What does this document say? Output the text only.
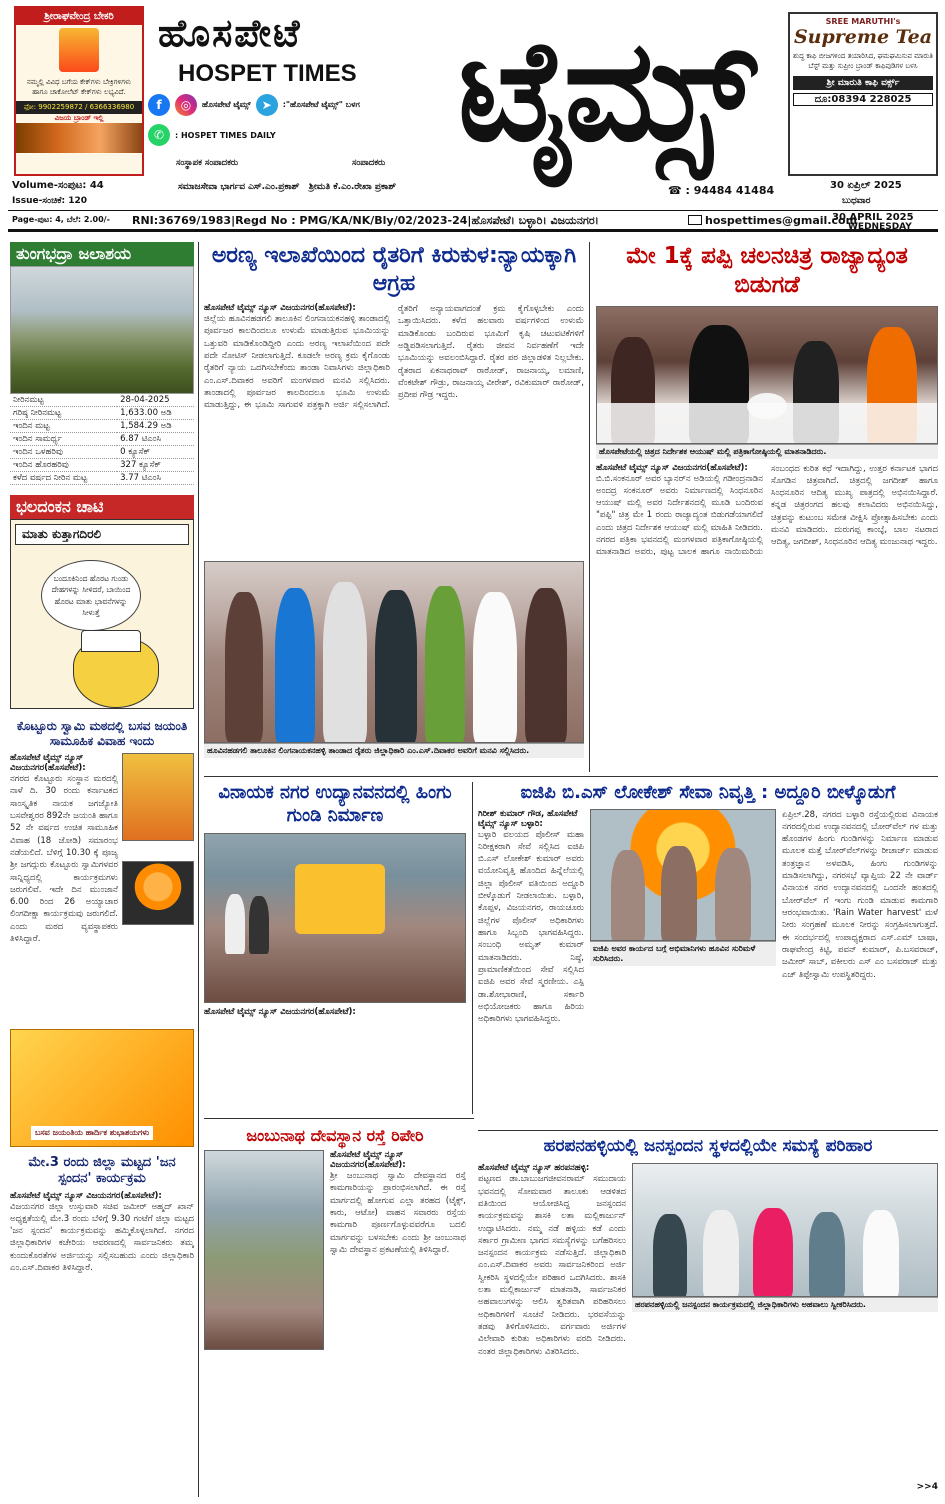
ಶ್ರೀರಾಘವೇಂದ್ರ ಬೇಕರಿ
ನಮ್ಮಲ್ಲಿ ವಿವಿಧ ಬಗೆಯ ಕೇಕ್‌ಗಳು ಬೇಕ್ರಿಗಳಿಗಳು ಹಾಗೂ ಚಾಕೋಲೆಟ್ ಕೇಕ್‌ಗಳು ಲಭ್ಯವಿದೆ.
ಫೋ: 9902259872 / 6366336980
ವಿಜಯ ಬ್ರಾಂಡ್ ಇಲ್ಲಿ
ಹೊಸಪೇಟೆ
HOSPET TIMES
f	◎	ಹೊಸಪೇಟೆ ಟೈಮ್ಸ್ ➤	:"ಹೊಸಪೇಟೆ ಟೈಮ್ಸ್" ಬಳಗ
✆	: HOSPET TIMES DAILY ಟೈಮ್ಸ್	SREE MARUTHI's
Supreme Tea
ಶುದ್ಧ ಕಾಫಿ ಬೀಜಗಳಿಂದ ತಯಾರಿಸಿದ, ಘಮಘಮಿಸುವ ಮಾರುತಿ ಬೆಸ್ಟ್ ಮತ್ತು ಸುಪ್ರೀಂ ಬ್ರಾಂಡ್ ಕಾಫಿಪುಡಿಗಳ ಬಳಸಿ
ಶ್ರೀ ಮಾರುತಿ ಕಾಫಿ ವರ್ಕ್ಸ್
ದೂ:08394 228025
ಸಂಸ್ಥಾಪಕ ಸಂಪಾದಕರು	ಸಂಪಾದಕರು
Volume-ಸಂಪುಟ: 44	ಸಮಾಜಸೇವಾ ಭಾರ್ಗವ ಎಸ್.ಎಂ.ಪ್ರಕಾಶ್ ಶ್ರೀಮತಿ ಕೆ.ಎಂ.ರೇಖಾ ಪ್ರಕಾಶ್	☎ : 94484 41484	30 ಏಪ್ರಿಲ್ 2025
Issue-ಸಂಚಿಕೆ: 120	ಬುಧವಾರ
Page-ಪುಟ: 4, ಬೆಲೆ: 2.00/- RNI:36769/1983|Regd No : PMG/KA/NK/Bly/02/2023-24|ಹೊಸಪೇಟೆ। ಬಳ್ಳಾರಿ। ವಿಜಯನಗರ।	hospettimes@gmail.com
30 APRIL 2025
WEDNESDAY
ತುಂಗಭದ್ರಾ ಜಲಾಶಯ
ನೀರಿನಮಟ್ಟ	28-04-2025
ಗರಿಷ್ಠ ನೀರಿನಮಟ್ಟ	1,633.00 ಅಡಿ
ಇಂದಿನ ಮಟ್ಟ	1,584.29 ಅಡಿ
ಇಂದಿನ ಸಾಮರ್ಥ್ಯ	6.87 ಟಿಎಂಸಿ
ಇಂದಿನ ಒಳಹರಿವು	0 ಕ್ಯೂಸೆಕ್
ಇಂದಿನ ಹೊರಹರಿವು	327 ಕ್ಯೂಸೆಕ್
ಕಳೆದ ವರ್ಷದ ನೀರಿನ ಮಟ್ಟ	3.77 ಟಿಎಂಸಿ
ಭಲದಂಕನ ಚಾಟಿ
ಮಾತು ಕುತ್ತಾಗದಿರಲಿ
ಬಂದೂಕಿನಿಂದ ಹೊರಟ ಗುಂಡು ದೇಹಗಳನ್ನು ಸೀಳಿದರೆ, ಬಾಯಿಂದ ಹೊರಟ ಮಾತು ಭಾವನೆಗಳನ್ನು ಸೀಳುತ್ತೆ
ಕೊಟ್ಟೂರು ಸ್ವಾಮಿ ಮಠದಲ್ಲಿ ಬಸವ ಜಯಂತಿ ಸಾಮೂಹಿಕ ವಿವಾಹ ಇಂದು
ಹೊಸಪೇಟೆ ಟೈಮ್ಸ್ ನ್ಯೂಸ್ ವಿಜಯನಗರ(ಹೊಸಪೇಟೆ):
ನಗರದ ಕೊಟ್ಟೂರು ಸಂಸ್ಥಾನ ಮಠದಲ್ಲಿ ನಾಳೆ ದಿ. 30 ರಂದು ಕರ್ನಾಟಕದ ಸಾಂಸ್ಕೃತಿಕ ನಾಯಕ ಜಗಜ್ಯೋತಿ ಬಸವೇಶ್ವರರ 892ನೇ ಜಯಂತಿ ಹಾಗೂ 52 ನೇ ವರ್ಷದ ಉಚಿತ ಸಾಮೂಹಿಕ ವಿವಾಹ (18 ಜೋಡಿ) ಸಮಾರಂಭ ನಡೆಯಲಿದೆ. ಬೆಳಿಗ್ಗೆ 10.30 ಕ್ಕೆ ಪೂಜ್ಯ ಶ್ರೀ ಜಗದ್ಗುರು ಕೊಟ್ಟೂರು ಸ್ವಾಮಿಗಳವರ ಸಾನ್ನಿಧ್ಯದಲ್ಲಿ ಕಾರ್ಯಕ್ರಮಗಳು ಜರುಗಲಿವೆ. ಇದೇ ದಿನ ಮುಂಜಾನೆ 6.00 ರಿಂದ 26 ಅಯ್ಯಾಚಾರ ಲಿಂಗದೀಕ್ಷಾ ಕಾರ್ಯಕ್ರಮವು ಜರುಗಲಿದೆ. ಎಂದು ಮಠದ ವ್ಯವಸ್ಥಾಪಕರು ತಿಳಿಸಿದ್ದಾರೆ.
ಬಸವ ಜಯಂತಿಯ ಹಾರ್ದಿಕ ಶುಭಾಶಯಗಳು
ಮೇ.3 ರಂದು ಜಿಲ್ಲಾ ಮಟ್ಟದ 'ಜನ ಸ್ಪಂದನ' ಕಾರ್ಯಕ್ರಮ
ಹೊಸಪೇಟೆ ಟೈಮ್ಸ್ ನ್ಯೂಸ್ ವಿಜಯನಗರ(ಹೊಸಪೇಟೆ):
ವಿಜಯನಗರ ಜಿಲ್ಲಾ ಉಸ್ತುವಾರಿ ಸಚಿವ ಜಮೀರ್ ಅಹ್ಮದ್ ಖಾನ್ ಅಧ್ಯಕ್ಷತೆಯಲ್ಲಿ ಮೇ.3 ರಂದು ಬೆಳಿಗ್ಗೆ 9.30 ಗಂಟೆಗೆ ಜಿಲ್ಲಾ ಮಟ್ಟದ 'ಜನ ಸ್ಪಂದನ' ಕಾರ್ಯಕ್ರಮವನ್ನು ಹಮ್ಮಿಕೊಳ್ಳಲಾಗಿದೆ. ನಗರದ ಜಿಲ್ಲಾಧಿಕಾರಿಗಳ ಕಚೇರಿಯ ಆವರಣದಲ್ಲಿ ಸಾರ್ವಜನಿಕರು ತಮ್ಮ ಕುಂದುಕೊರತೆಗಳ ಅರ್ಜಿಯನ್ನು ಸಲ್ಲಿಸಬಹುದು ಎಂದು ಜಿಲ್ಲಾಧಿಕಾರಿ ಎಂ.ಎಸ್.ದಿವಾಕರ ತಿಳಿಸಿದ್ದಾರೆ.
ಅರಣ್ಯ ಇಲಾಖೆಯಿಂದ ರೈತರಿಗೆ ಕಿರುಕುಳ:ನ್ಯಾಯಕ್ಕಾಗಿ ಆಗ್ರಹ
ಹೊಸಪೇಟೆ ಟೈಮ್ಸ್ ನ್ಯೂಸ್ ವಿಜಯನಗರ(ಹೊಸಪೇಟೆ):
ಜಿಲ್ಲೆಯ ಹೂವಿನಹಡಗಲಿ ತಾಲೂಕಿನ ಲಿಂಗನಾಯಕನಹಳ್ಳಿ ತಾಂಡಾದಲ್ಲಿ ಪೂರ್ವಜರ ಕಾಲದಿಂದಲೂ ಉಳುಮೆ ಮಾಡುತ್ತಿರುವ ಭೂಮಿಯನ್ನು ಒತ್ತುವರಿ ಮಾಡಿಕೊಂಡಿದ್ದೀರಿ ಎಂದು ಅರಣ್ಯ ಇಲಾಖೆಯಿಂದ ಪದೇ ಪದೇ ನೋಟಿಸ್ ನೀಡಲಾಗುತ್ತಿದೆ. ಕೂಡಲೇ ಅರಣ್ಯ ಕ್ರಮ ಕೈಗೊಂಡು ರೈತರಿಗೆ ನ್ಯಾಯ ಒದಗಿಸಬೇಕೆಂದು ತಾಂಡಾ ನಿವಾಸಿಗಳು ಜಿಲ್ಲಾಧಿಕಾರಿ ಎಂ.ಎಸ್.ದಿವಾಕರ ಅವರಿಗೆ ಮಂಗಳವಾರ ಮನವಿ ಸಲ್ಲಿಸಿದರು. ತಾಂಡಾದಲ್ಲಿ ಪೂರ್ವಜರ ಕಾಲದಿಂದಲೂ ಭೂಮಿ ಉಳುಮೆ ಮಾಡುತ್ತಿದ್ದು, ಈ ಭೂಮಿ ಸಾಗುವಳಿ ಪತ್ರಕ್ಕಾಗಿ ಅರ್ಜಿ ಸಲ್ಲಿಸಲಾಗಿದೆ. ರೈತರಿಗೆ ಅನ್ಯಾಯವಾಗದಂತೆ ಕ್ರಮ ಕೈಗೊಳ್ಳಬೇಕು ಎಂದು ಒತ್ತಾಯಿಸಿದರು. ಕಳೆದ ಹಲವಾರು ವರ್ಷಗಳಿಂದ ಉಳುಮೆ ಮಾಡಿಕೊಂಡು ಬಂದಿರುವ ಭೂಮಿಗೆ ಕೃಷಿ ಚಟುವಟಿಕೆಗಳಿಗೆ ಅಡ್ಡಿಪಡಿಸಲಾಗುತ್ತಿದೆ. ರೈತರು ಜೀವನ ನಿರ್ವಹಣೆಗೆ ಇದೇ ಭೂಮಿಯನ್ನು ಅವಲಂಬಿಸಿದ್ದಾರೆ. ರೈತರ ಪರ ಜಿಲ್ಲಾಡಳಿತ ನಿಲ್ಲಬೇಕು. ರೈತರಾದ ಏಕನಾಥರಾವ್ ರಾಠೋಡ್, ರಾಜನಾಯ್ಕ, ಲಮಾಣಿ, ವೆಂಕಟೇಶ್ ಗೌಡ್ರು, ರಾಜನಾಯ್ಕ ವೀರೇಶ್, ರವಿಕುಮಾರ್ ರಾಠೋಡ್, ಪ್ರದೀಪ ಗೌಡ್ರ ಇದ್ದರು.
ಹೂವಿನಹಡಗಲಿ ತಾಲೂಕಿನ ಲಿಂಗನಾಯಕನಹಳ್ಳಿ ತಾಂಡಾದ ರೈತರು ಜಿಲ್ಲಾಧಿಕಾರಿ ಎಂ.ಎಸ್.ದಿವಾಕರ ಅವರಿಗೆ ಮನವಿ ಸಲ್ಲಿಸಿದರು.
ಮೇ 1ಕ್ಕೆ ಪಪ್ಪಿ ಚಲನಚಿತ್ರ ರಾಜ್ಯಾದ್ಯಂತ ಬಿಡುಗಡೆ
ಹೊಸಪೇಟೆಯಲ್ಲಿ ಚಿತ್ರದ ನಿರ್ದೇಶಕ ಆಯುಷ್ ಮಲ್ಲಿ ಪತ್ರಿಕಾಗೋಷ್ಠಿಯಲ್ಲಿ ಮಾತನಾಡಿದರು.
ಹೊಸಪೇಟೆ ಟೈಮ್ಸ್ ನ್ಯೂಸ್ ವಿಜಯನಗರ(ಹೊಸಪೇಟೆ):
ಬಿ.ಬಿ.ಸಂಕನೂರ್ ಅವರ ಬ್ಯಾನರ್‌ನ ಅಡಿಯಲ್ಲಿ ಗಡೀಂದ್ರನಾಡಿನ ಅಂದದ್ರ ಸಂಕನೂರ್ ಅವರು ನಿರ್ಮಾಣದಲ್ಲಿ ಸಿಂಧನೂರಿನ ಆಯುಷ್ ಮಲ್ಲಿ ಅವರ ನಿರ್ದೇಶನದಲ್ಲಿ ಮೂಡಿ ಬಂದಿರುವ "ಪಪ್ಪಿ" ಚಿತ್ರ ಮೇ 1 ರಂದು ರಾಜ್ಯಾದ್ಯಂತ ಬಿಡುಗಡೆಯಾಗಲಿದೆ ಎಂದು ಚಿತ್ರದ ನಿರ್ದೇಶಕ ಆಯುಷ್ ಮಲ್ಲಿ ಮಾಹಿತಿ ನೀಡಿದರು. ನಗರದ ಪತ್ರಿಕಾ ಭವನದಲ್ಲಿ ಮಂಗಳವಾರ ಪತ್ರಿಕಾಗೋಷ್ಠಿಯಲ್ಲಿ ಮಾತನಾಡಿದ ಅವರು, ಪುಟ್ಟ ಬಾಲಕ ಹಾಗೂ ನಾಯಿಮರಿಯ ಸಂಬಂಧದ ಕುರಿತ ಕಥೆ ಇದಾಗಿದ್ದು, ಉತ್ತರ ಕರ್ನಾಟಕ ಭಾಗದ ಸೊಗಡಿನ ಚಿತ್ರವಾಗಿದೆ. ಚಿತ್ರದಲ್ಲಿ ಜಗದೀಶ್ ಹಾಗೂ ಸಿಂಧನೂರಿನ ಆದಿತ್ಯ ಮುಖ್ಯ ಪಾತ್ರದಲ್ಲಿ ಅಭಿನಯಿಸಿದ್ದಾರೆ. ಕನ್ನಡ ಚಿತ್ರರಂಗದ ಹಲವು ಕಲಾವಿದರು ಅಭಿನಯಿಸಿದ್ದು, ಚಿತ್ರವನ್ನು ಕುಟುಂಬ ಸಮೇತ ವೀಕ್ಷಿಸಿ ಪ್ರೋತ್ಸಾಹಿಸಬೇಕು ಎಂದು ಮನವಿ ಮಾಡಿದರು. ದುರುಗಪ್ಪ ಕಾಂಬ್ಳೆ, ಬಾಲ ನಟರಾದ ಆದಿತ್ಯ, ಜಗದೀಶ್, ಸಿಂಧನೂರಿನ ಆದಿತ್ಯ ಮಂಜುನಾಥ ಇದ್ದರು.
ವಿನಾಯಕ ನಗರ ಉದ್ಯಾನವನದಲ್ಲಿ ಹಿಂಗು ಗುಂಡಿ ನಿರ್ಮಾಣ
ಹೊಸಪೇಟೆ ಟೈಮ್ಸ್ ನ್ಯೂಸ್ ವಿಜಯನಗರ(ಹೊಸಪೇಟೆ):
ಐಜಿಪಿ ಬಿ.ಎಸ್ ಲೋಕೇಶ್ ಸೇವಾ ನಿವೃತ್ತಿ : ಅದ್ದೂರಿ ಬೀಳ್ಕೊಡುಗೆ
ಗಿರೀಶ್ ಕುಮಾರ್ ಗೌಡ, ಹೊಸಪೇಟೆ ಟೈಮ್ಸ್ ನ್ಯೂಸ್ ಬಳ್ಳಾರಿ:
ಬಳ್ಳಾರಿ ವಲಯದ ಪೊಲೀಸ್ ಮಹಾ ನಿರೀಕ್ಷಕರಾಗಿ ಸೇವೆ ಸಲ್ಲಿಸಿದ ಐಜಿಪಿ ಬಿ.ಎಸ್ ಲೋಕೇಶ್ ಕುಮಾರ್ ಅವರು ವಯೋನಿವೃತ್ತಿ ಹೊಂದಿದ ಹಿನ್ನೆಲೆಯಲ್ಲಿ ಜಿಲ್ಲಾ ಪೊಲೀಸ್ ವತಿಯಿಂದ ಅದ್ದೂರಿ ಬೀಳ್ಕೊಡುಗೆ ನೀಡಲಾಯಿತು. ಬಳ್ಳಾರಿ, ಕೊಪ್ಪಳ, ವಿಜಯನಗರ, ರಾಯಚೂರು ಜಿಲ್ಲೆಗಳ ಪೊಲೀಸ್ ಅಧಿಕಾರಿಗಳು ಹಾಗೂ ಸಿಬ್ಬಂದಿ ಭಾಗವಹಿಸಿದ್ದರು. ಸಂಬಂಧಿ ಅಮೃತ್ ಕುಮಾರ್ ಮಾತನಾಡಿದರು. ನಿಷ್ಠೆ, ಪ್ರಾಮಾಣಿಕತೆಯಿಂದ ಸೇವೆ ಸಲ್ಲಿಸಿದ ಐಜಿಪಿ ಅವರ ಸೇವೆ ಸ್ಮರಣೀಯ. ಎಸ್ಪಿ ಡಾ.ಶೋಭಾರಾಣಿ, ಸರ್ಕಾರಿ ಅಭಿಯೋಜಕರು ಹಾಗೂ ಹಿರಿಯ ಅಧಿಕಾರಿಗಳು ಭಾಗವಹಿಸಿದ್ದರು.
ಐಜಿಪಿ ಅವರ ಕಾರ್ಯದ ಬಗ್ಗೆ ಅಭಿಮಾನಿಗಳು ಹೂವಿನ ಸುರಿಮಳೆ ಸುರಿಸಿದರು.
ಏಪ್ರಿಲ್.28, ನಗರದ ಬಳ್ಳಾರಿ ರಸ್ತೆಯಲ್ಲಿರುವ ವಿನಾಯಕ ನಗರದಲ್ಲಿರುವ ಉದ್ಯಾನವನದಲ್ಲಿ ಬೋರ್‌ವೆಲ್ ಗಳ ಮತ್ತು ಹೊಂಡಗಳ ಹಿಂಗು ಗುಂಡಿಗಳನ್ನು ನಿರ್ಮಾಣ ಮಾಡುವ ಮೂಲಕ ಮತ್ತೆ ಬೋರ್‌ವೆಲ್‌ಗಳನ್ನು ರೀಚಾರ್ಜ್ ಮಾಡುವ ತಂತ್ರಜ್ಞಾನ ಅಳವಡಿಸಿ, ಹಿಂಗು ಗುಂಡಿಗಳನ್ನು ಮಾಡಿಸಲಾಗಿದ್ದು, ನಗರಸಭೆ ವ್ಯಾಪ್ತಿಯ 22 ನೇ ವಾರ್ಡ್ ವಿನಾಯಕ ನಗರ ಉದ್ಯಾನವನದಲ್ಲಿ ಒಂದನೇ ಹಂತದಲ್ಲಿ ಬೋರ್‌ವೆಲ್ ಗೆ ಇಂಗು ಗುಂಡಿ ಮಾಡುವ ಕಾಮಗಾರಿ ಆರಂಭವಾಯಿತು. 'Rain Water harvest' ಮಳೆ ನೀರು ಸಂಗ್ರಹಣೆ ಮೂಲಕ ನೀರನ್ನು ಸಂಗ್ರಹಿಸಲಾಗುತ್ತದೆ. ಈ ಸಂದರ್ಭದಲ್ಲಿ ಉಪಾಧ್ಯಕ್ಷರಾದ ಎಸ್.ಎಮ್ ಬಾಷಾ, ರಾಘವೇಂದ್ರ ಕಿಟ್ಟಿ, ಪವನ್ ಕುಮಾರ್, ಪಿ.ಬಸವರಾಜ್, ಜಮೀರ್ ಸಾಬ್, ವಕೀಲರು ಎಸ್ ಎಂ ಬಸವರಾಜ್ ಮತ್ತು ಎಚ್ ತಿಪ್ಪೇಸ್ವಾಮಿ ಉಪಸ್ಥಿತರಿದ್ದರು.
ಜಂಬುನಾಥ ದೇವಸ್ಥಾನ ರಸ್ತೆ ರಿಪೇರಿ
ಹೊಸಪೇಟೆ ಟೈಮ್ಸ್ ನ್ಯೂಸ್ ವಿಜಯನಗರ(ಹೊಸಪೇಟೆ):
ಶ್ರೀ ಜಂಬುನಾಥ ಸ್ವಾಮಿ ದೇವಸ್ಥಾನದ ರಸ್ತೆ ಕಾಮಗಾರಿಯನ್ನು ಪ್ರಾರಂಭಿಸಲಾಗಿದೆ. ಈ ರಸ್ತೆ ಮಾರ್ಗದಲ್ಲಿ ಹೋಗುವ ಎಲ್ಲಾ ತರಹದ (ಟೈಕ್ಸ್, ಕಾರು, ಆಟೋ) ವಾಹನ ಸವಾರರು ರಸ್ತೆಯ ಕಾಮಗಾರಿ ಪೂರ್ಣಗೊಳ್ಳುವವರೆಗೂ ಬದಲಿ ಮಾರ್ಗವನ್ನು ಬಳಸಬೇಕು ಎಂದು ಶ್ರೀ ಜಂಬುನಾಥ ಸ್ವಾಮಿ ದೇವಸ್ಥಾನ ಪ್ರಕಟಣೆಯಲ್ಲಿ ತಿಳಿಸಿದ್ದಾರೆ.
ಹರಪನಹಳ್ಳಿಯಲ್ಲಿ ಜನಸ್ಪಂದನ ಸ್ಥಳದಲ್ಲಿಯೇ ಸಮಸ್ಯೆ ಪರಿಹಾರ
ಹೊಸಪೇಟೆ ಟೈಮ್ಸ್ ನ್ಯೂಸ್ ಹರಪನಹಳ್ಳಿ:
ಪಟ್ಟಣದ ಡಾ.ಬಾಬುಜಗಜೀವನರಾಮ್ ಸಮುದಾಯ ಭವನದಲ್ಲಿ ಸೋಮವಾರ ತಾಲೂಕು ಆಡಳಿತದ ವತಿಯಿಂದ ಆಯೋಜಿಸಿದ್ದ ಜನಸ್ಪಂದನ ಕಾರ್ಯಕ್ರಮವನ್ನು ಶಾಸಕಿ ಲತಾ ಮಲ್ಲಿಕಾರ್ಜುನ್ ಉದ್ಘಾಟಿಸಿದರು. ನಮ್ಮ ನಡೆ ಹಳ್ಳಿಯ ಕಡೆ ಎಂದು ಸರ್ಕಾರ ಗ್ರಾಮೀಣ ಭಾಗದ ಸಮಸ್ಯೆಗಳನ್ನು ಬಗೆಹರಿಸಲು ಜನಸ್ಪಂದನ ಕಾರ್ಯಕ್ರಮ ನಡೆಸುತ್ತಿದೆ. ಜಿಲ್ಲಾಧಿಕಾರಿ ಎಂ.ಎಸ್.ದಿವಾಕರ ಅವರು ಸಾರ್ವಜನಿಕರಿಂದ ಅರ್ಜಿ ಸ್ವೀಕರಿಸಿ ಸ್ಥಳದಲ್ಲಿಯೇ ಪರಿಹಾರ ಒದಗಿಸಿದರು. ಶಾಸಕಿ ಲತಾ ಮಲ್ಲಿಕಾರ್ಜುನ್ ಮಾತನಾಡಿ, ಸಾರ್ವಜನಿಕರ ಅಹವಾಲುಗಳನ್ನು ಆಲಿಸಿ ತ್ವರಿತವಾಗಿ ಪರಿಹರಿಸಲು ಅಧಿಕಾರಿಗಳಿಗೆ ಸೂಚನೆ ನೀಡಿದರು. ಭರವಸೆಯನ್ನು ತಡವು ತಿಳಿಗೊಳಿಸಿದರು. ವರ್ಗವಾರು ಅರ್ಜಿಗಳ ವಿಲೇವಾರಿ ಕುರಿತು ಅಧಿಕಾರಿಗಳು ವರದಿ ನೀಡಿದರು. ನಂತರ ಜಿಲ್ಲಾಧಿಕಾರಿಗಳು ವಿತರಿಸಿದರು.
ಹರಪನಹಳ್ಳಿಯಲ್ಲಿ ಜನಸ್ಪಂದನ ಕಾರ್ಯಕ್ರಮದಲ್ಲಿ ಜಿಲ್ಲಾಧಿಕಾರಿಗಳು ಅಹವಾಲು ಸ್ವೀಕರಿಸಿದರು.
>>4
